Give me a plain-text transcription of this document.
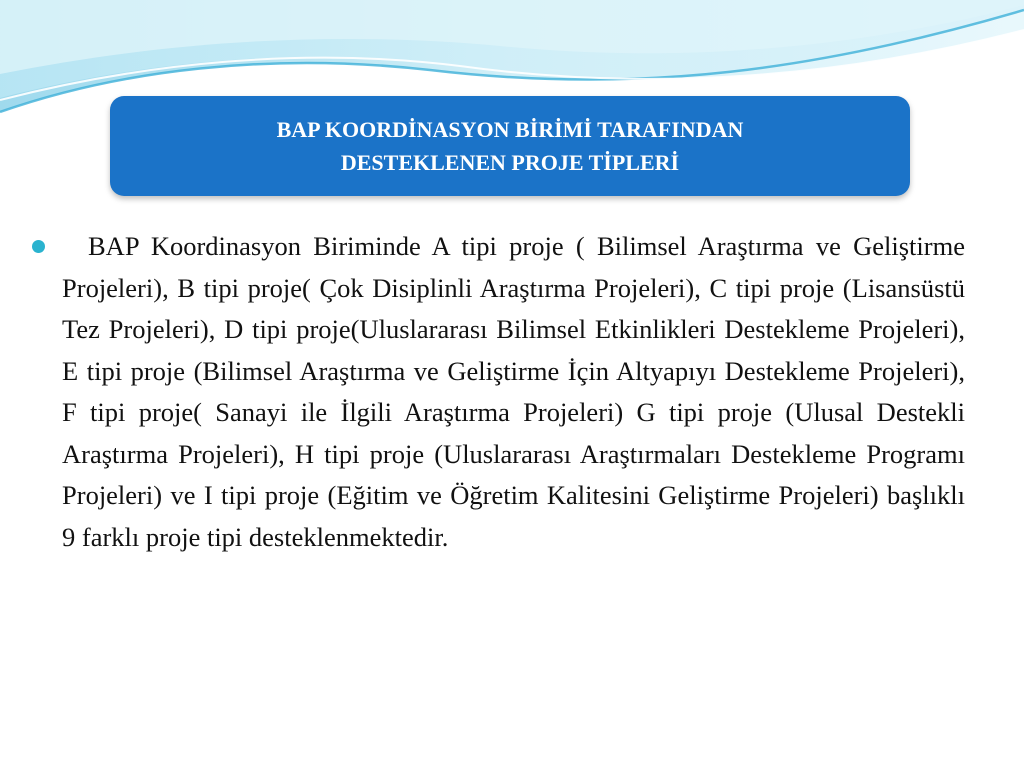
BAP KOORDİNASYON BİRİMİ TARAFINDAN
DESTEKLENEN PROJE TİPLERİ

BAP Koordinasyon Biriminde A tipi proje ( Bilimsel Araştırma ve Geliştirme Projeleri), B tipi proje( Çok Disiplinli Araştırma Projeleri), C tipi proje (Lisansüstü Tez Projeleri), D tipi proje(Uluslararası Bilimsel Etkinlikleri Destekleme Projeleri), E tipi proje (Bilimsel Araştırma ve Geliştirme İçin Altyapıyı Destekleme Projeleri), F tipi proje( Sanayi ile İlgili Araştırma Projeleri) G tipi proje (Ulusal Destekli Araştırma Projeleri), H tipi proje (Uluslararası Araştırmaları Destekleme Programı Projeleri) ve I tipi proje (Eğitim ve Öğretim Kalitesini Geliştirme Projeleri) başlıklı 9 farklı proje tipi desteklenmektedir.
